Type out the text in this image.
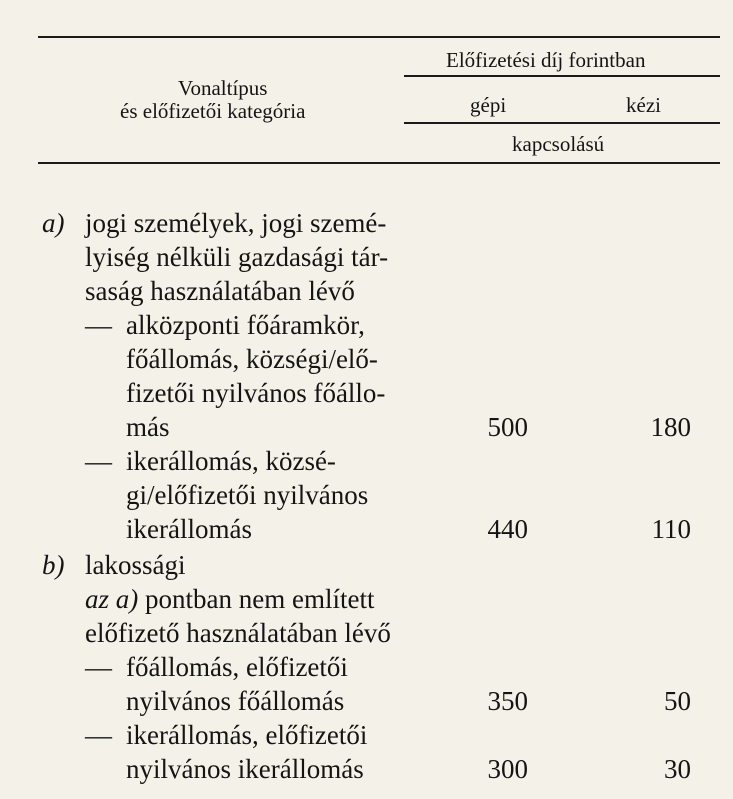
Vonaltípus
és előfizetői kategória
Előfizetési díj forintban
gépi	kézi
kapcsolású
a) jogi személyek, jogi szemé-
lyiség nélküli gazdasági tár-
saság használatában lévő
— alközponti főáramkör,
főállomás, községi/elő-
fizetői nyilvános főállo-
más	500	180
— ikerállomás, közsé-
gi/előfizetői nyilvános
ikerállomás	440	110
b) lakossági
az a) pontban nem említett
előfizető használatában lévő
— főállomás, előfizetői
nyilvános főállomás	350	50
— ikerállomás, előfizetői
nyilvános ikerállomás	300	30
